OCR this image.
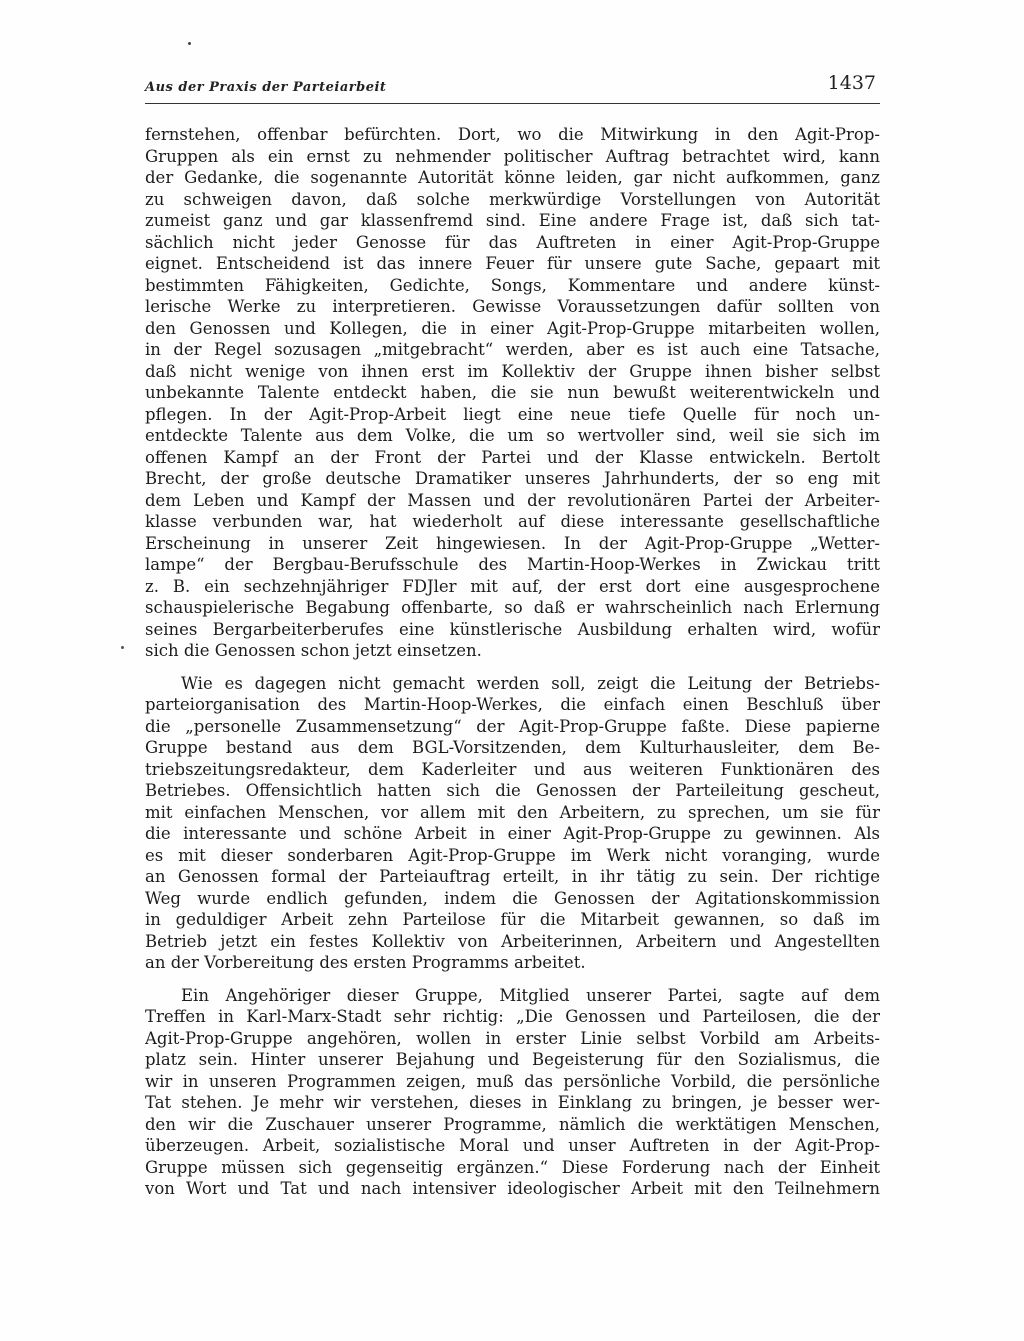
Aus der Praxis der Parteiarbeit	1437
fernstehen, offenbar befürchten. Dort, wo die Mitwirkung in den Agit-Prop-
Gruppen als ein ernst zu nehmender politischer Auftrag betrachtet wird, kann
der Gedanke, die sogenannte Autorität könne leiden, gar nicht aufkommen, ganz
zu schweigen davon, daß solche merkwürdige Vorstellungen von Autorität
zumeist ganz und gar klassenfremd sind. Eine andere Frage ist, daß sich tat-
sächlich nicht jeder Genosse für das Auftreten in einer Agit-Prop-Gruppe
eignet. Entscheidend ist das innere Feuer für unsere gute Sache, gepaart mit
bestimmten Fähigkeiten, Gedichte, Songs, Kommentare und andere künst-
lerische Werke zu interpretieren. Gewisse Voraussetzungen dafür sollten von
den Genossen und Kollegen, die in einer Agit-Prop-Gruppe mitarbeiten wollen,
in der Regel sozusagen „mitgebracht“ werden, aber es ist auch eine Tatsache,
daß nicht wenige von ihnen erst im Kollektiv der Gruppe ihnen bisher selbst
unbekannte Talente entdeckt haben, die sie nun bewußt weiterentwickeln und
pflegen. In der Agit-Prop-Arbeit liegt eine neue tiefe Quelle für noch un-
entdeckte Talente aus dem Volke, die um so wertvoller sind, weil sie sich im
offenen Kampf an der Front der Partei und der Klasse entwickeln. Bertolt
Brecht, der große deutsche Dramatiker unseres Jahrhunderts, der so eng mit
dem Leben und Kampf der Massen und der revolutionären Partei der Arbeiter-
klasse verbunden war, hat wiederholt auf diese interessante gesellschaftliche
Erscheinung in unserer Zeit hingewiesen. In der Agit-Prop-Gruppe „Wetter-
lampe“ der Bergbau-Berufsschule des Martin-Hoop-Werkes in Zwickau tritt
z. B. ein sechzehnjähriger FDJler mit auf, der erst dort eine ausgesprochene
schauspielerische Begabung offenbarte, so daß er wahrscheinlich nach Erlernung
seines Bergarbeiterberufes eine künstlerische Ausbildung erhalten wird, wofür
sich die Genossen schon jetzt einsetzen.
Wie es dagegen nicht gemacht werden soll, zeigt die Leitung der Betriebs-
parteiorganisation des Martin-Hoop-Werkes, die einfach einen Beschluß über
die „personelle Zusammensetzung“ der Agit-Prop-Gruppe faßte. Diese papierne
Gruppe bestand aus dem BGL-Vorsitzenden, dem Kulturhausleiter, dem Be-
triebszeitungsredakteur, dem Kaderleiter und aus weiteren Funktionären des
Betriebes. Offensichtlich hatten sich die Genossen der Parteileitung gescheut,
mit einfachen Menschen, vor allem mit den Arbeitern, zu sprechen, um sie für
die interessante und schöne Arbeit in einer Agit-Prop-Gruppe zu gewinnen. Als
es mit dieser sonderbaren Agit-Prop-Gruppe im Werk nicht voranging, wurde
an Genossen formal der Parteiauftrag erteilt, in ihr tätig zu sein. Der richtige
Weg wurde endlich gefunden, indem die Genossen der Agitationskommission
in geduldiger Arbeit zehn Parteilose für die Mitarbeit gewannen, so daß im
Betrieb jetzt ein festes Kollektiv von Arbeiterinnen, Arbeitern und Angestellten
an der Vorbereitung des ersten Programms arbeitet.
Ein Angehöriger dieser Gruppe, Mitglied unserer Partei, sagte auf dem
Treffen in Karl-Marx-Stadt sehr richtig: „Die Genossen und Parteilosen, die der
Agit-Prop-Gruppe angehören, wollen in erster Linie selbst Vorbild am Arbeits-
platz sein. Hinter unserer Bejahung und Begeisterung für den Sozialismus, die
wir in unseren Programmen zeigen, muß das persönliche Vorbild, die persönliche
Tat stehen. Je mehr wir verstehen, dieses in Einklang zu bringen, je besser wer-
den wir die Zuschauer unserer Programme, nämlich die werktätigen Menschen,
überzeugen. Arbeit, sozialistische Moral und unser Auftreten in der Agit-Prop-
Gruppe müssen sich gegenseitig ergänzen.“ Diese Forderung nach der Einheit
von Wort und Tat und nach intensiver ideologischer Arbeit mit den Teilnehmern
